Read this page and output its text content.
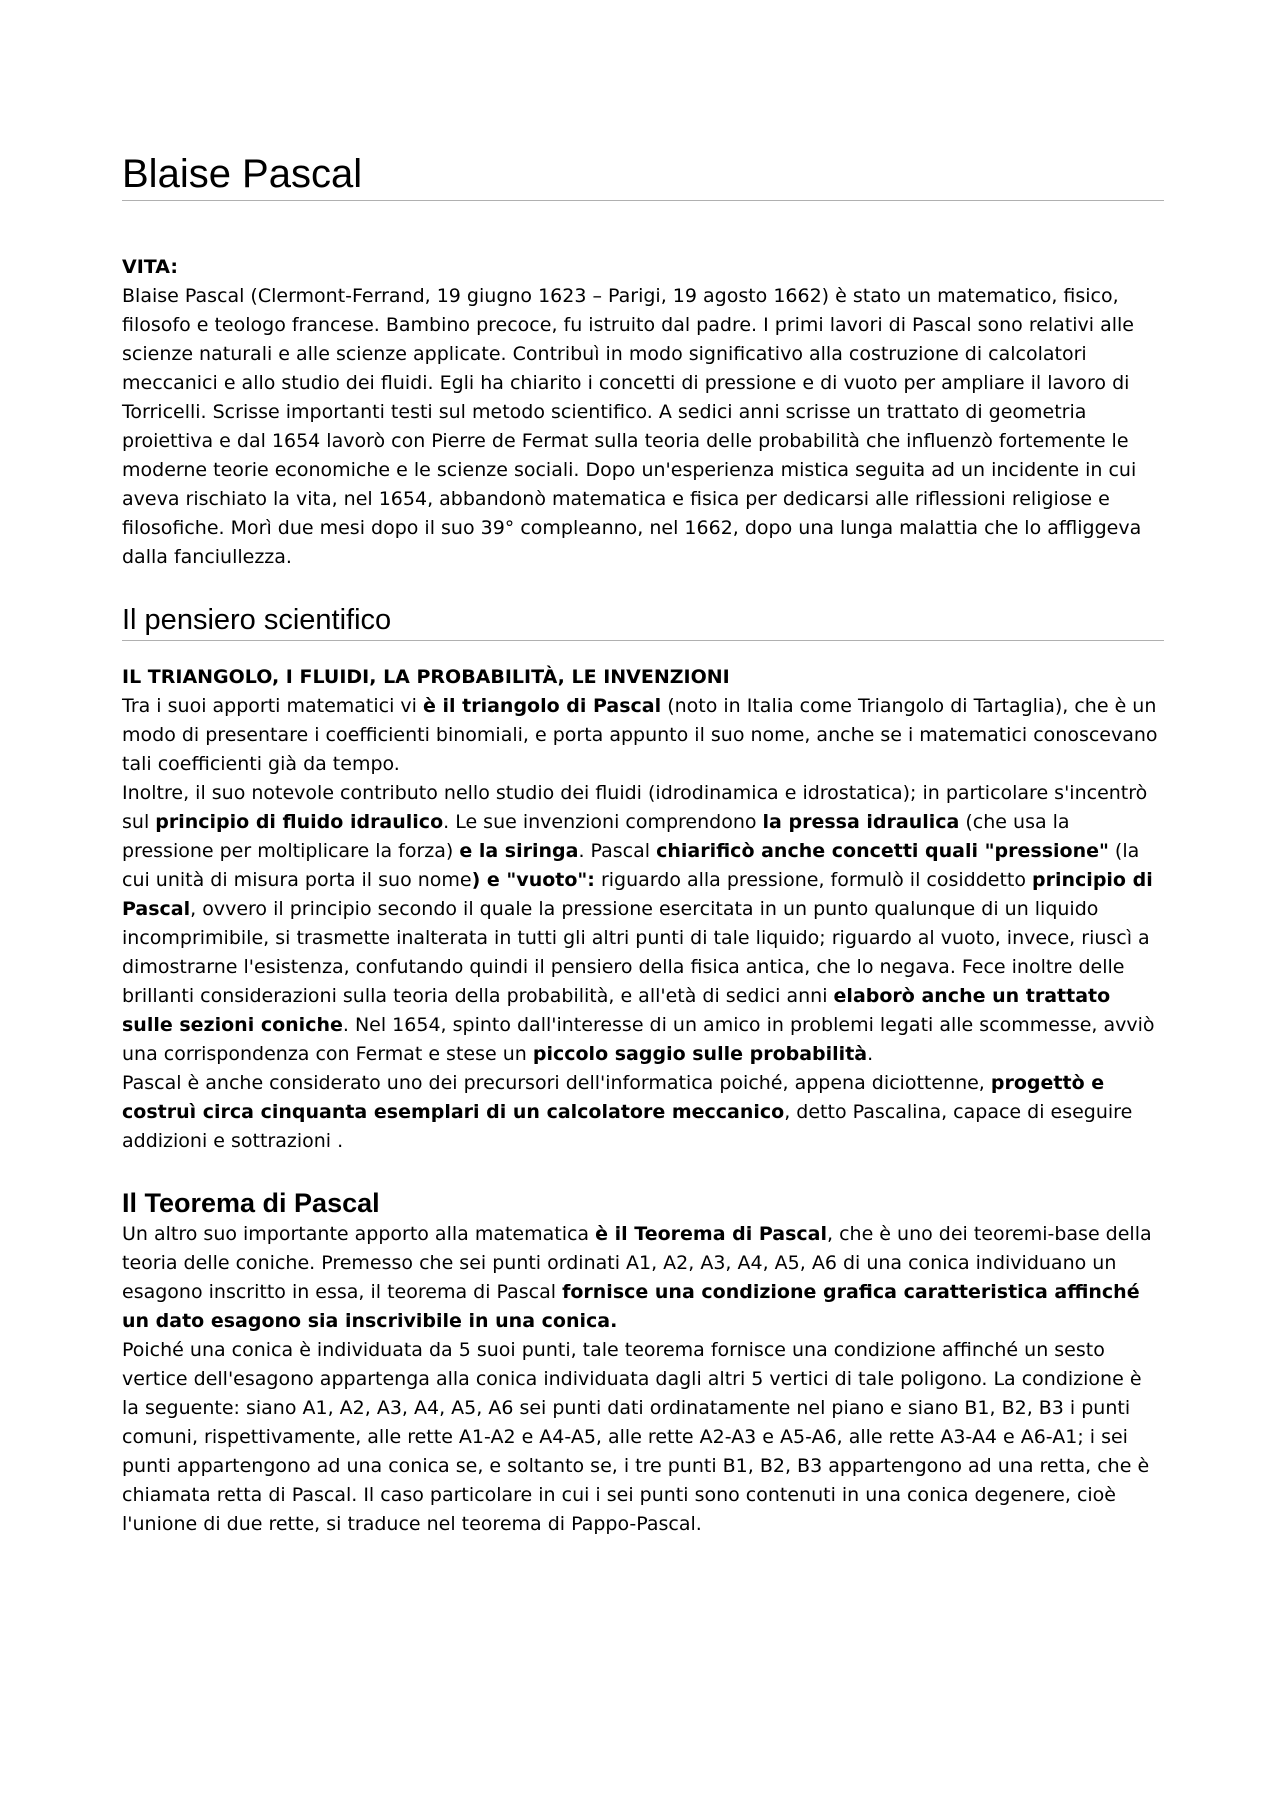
Blaise Pascal

VITA:

Blaise Pascal (Clermont-Ferrand, 19 giugno 1623 – Parigi, 19 agosto 1662) è stato un matematico, fisico, filosofo e teologo francese. Bambino precoce, fu istruito dal padre. I primi lavori di Pascal sono relativi alle scienze naturali e alle scienze applicate. Contribuì in modo significativo alla costruzione di calcolatori meccanici e allo studio dei fluidi. Egli ha chiarito i concetti di pressione e di vuoto per ampliare il lavoro di Torricelli. Scrisse importanti testi sul metodo scientifico. A sedici anni scrisse un trattato di geometria proiettiva e dal 1654 lavorò con Pierre de Fermat sulla teoria delle probabilità che influenzò fortemente le moderne teorie economiche e le scienze sociali. Dopo un'esperienza mistica seguita ad un incidente in cui aveva rischiato la vita, nel 1654, abbandonò matematica e fisica per dedicarsi alle riflessioni religiose e filosofiche. Morì due mesi dopo il suo 39° compleanno, nel 1662, dopo una lunga malattia che lo affliggeva dalla fanciullezza.

Il pensiero scientifico

IL TRIANGOLO, I FLUIDI, LA PROBABILITÀ, LE INVENZIONI

Tra i suoi apporti matematici vi è il triangolo di Pascal (noto in Italia come Triangolo di Tartaglia), che è un modo di presentare i coefficienti binomiali, e porta appunto il suo nome, anche se i matematici conoscevano tali coefficienti già da tempo.

Inoltre, il suo notevole contributo nello studio dei fluidi (idrodinamica e idrostatica); in particolare s'incentrò sul principio di fluido idraulico. Le sue invenzioni comprendono la pressa idraulica (che usa la pressione per moltiplicare la forza) e la siringa. Pascal chiarificò anche concetti quali "pressione" (la cui unità di misura porta il suo nome) e "vuoto": riguardo alla pressione, formulò il cosiddetto principio di Pascal, ovvero il principio secondo il quale la pressione esercitata in un punto qualunque di un liquido incomprimibile, si trasmette inalterata in tutti gli altri punti di tale liquido; riguardo al vuoto, invece, riuscì a dimostrarne l'esistenza, confutando quindi il pensiero della fisica antica, che lo negava. Fece inoltre delle brillanti considerazioni sulla teoria della probabilità, e all'età di sedici anni elaborò anche un trattato sulle sezioni coniche. Nel 1654, spinto dall'interesse di un amico in problemi legati alle scommesse, avviò una corrispondenza con Fermat e stese un piccolo saggio sulle probabilità.

Pascal è anche considerato uno dei precursori dell'informatica poiché, appena diciottenne, progettò e costruì circa cinquanta esemplari di un calcolatore meccanico, detto Pascalina, capace di eseguire addizioni e sottrazioni .

Il Teorema di Pascal

Un altro suo importante apporto alla matematica è il Teorema di Pascal, che è uno dei teoremi-base della teoria delle coniche. Premesso che sei punti ordinati A1, A2, A3, A4, A5, A6 di una conica individuano un esagono inscritto in essa, il teorema di Pascal fornisce una condizione grafica caratteristica affinché un dato esagono sia inscrivibile in una conica.

Poiché una conica è individuata da 5 suoi punti, tale teorema fornisce una condizione affinché un sesto vertice dell'esagono appartenga alla conica individuata dagli altri 5 vertici di tale poligono. La condizione è la seguente: siano A1, A2, A3, A4, A5, A6 sei punti dati ordinatamente nel piano e siano B1, B2, B3 i punti comuni, rispettivamente, alle rette A1-A2 e A4-A5, alle rette A2-A3 e A5-A6, alle rette A3-A4 e A6-A1; i sei punti appartengono ad una conica se, e soltanto se, i tre punti B1, B2, B3 appartengono ad una retta, che è chiamata retta di Pascal. Il caso particolare in cui i sei punti sono contenuti in una conica degenere, cioè l'unione di due rette, si traduce nel teorema di Pappo-Pascal.
